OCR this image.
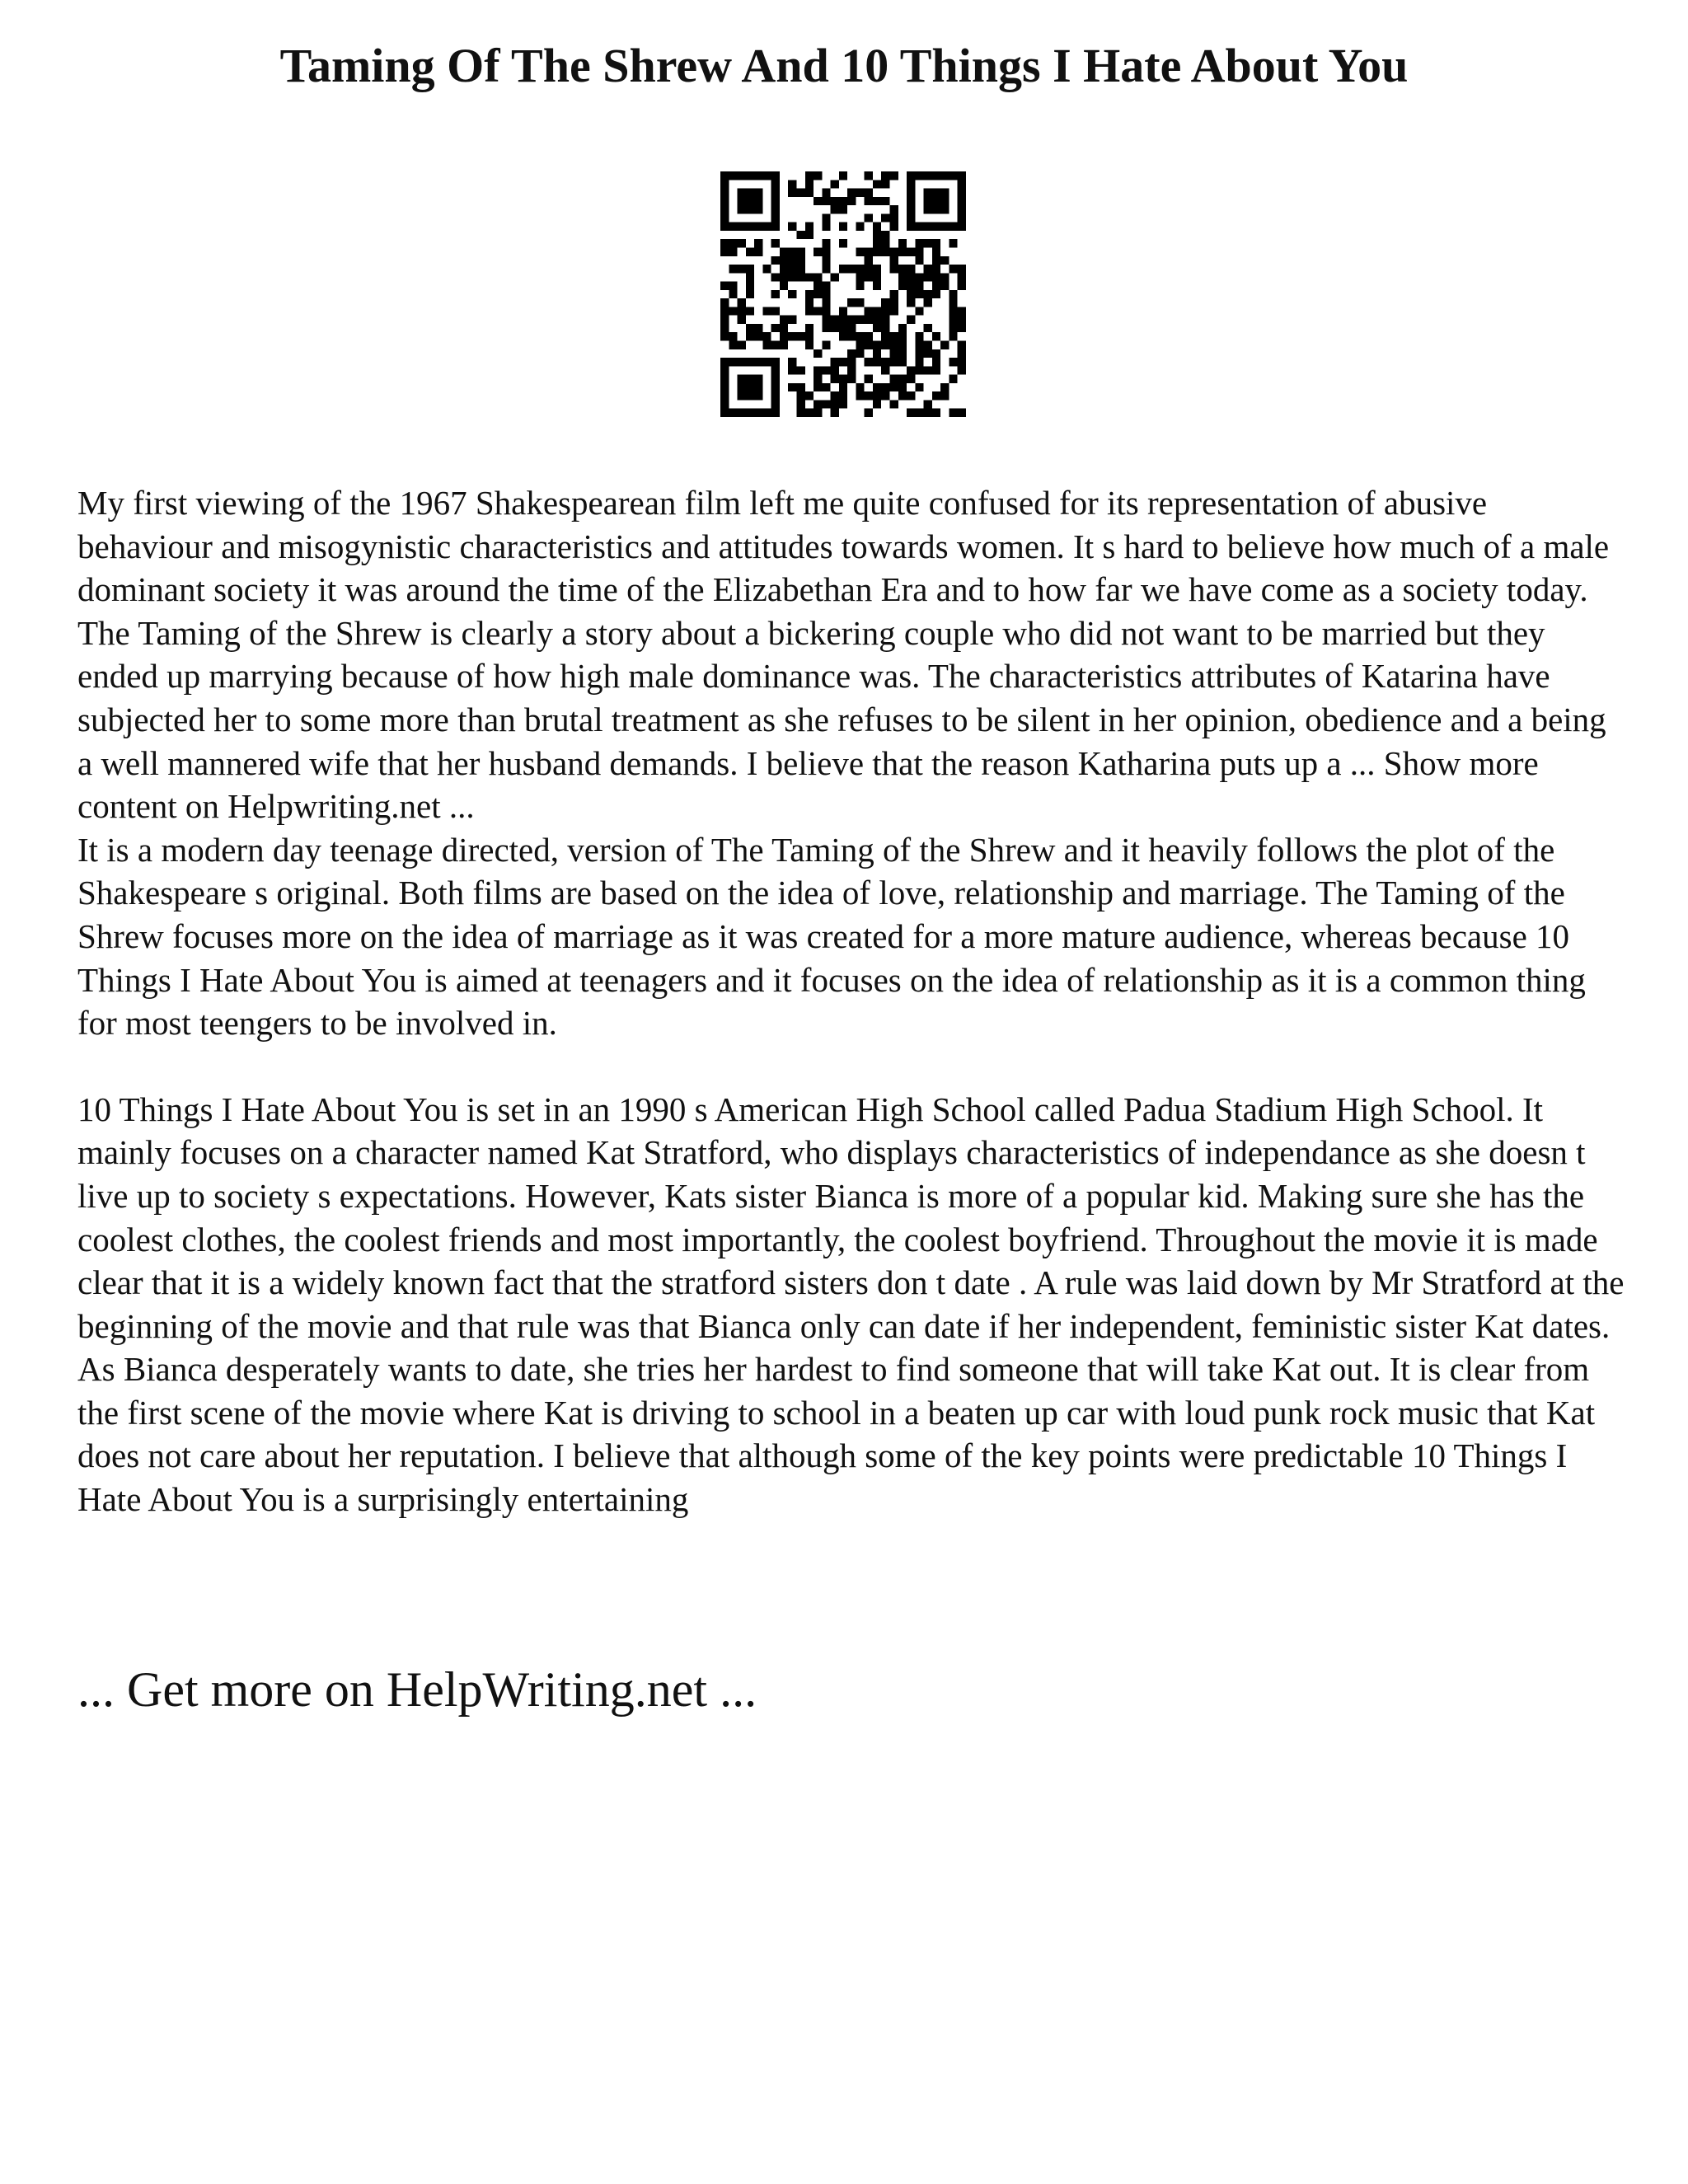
Taming Of The Shrew And 10 Things I Hate About You

My first viewing of the 1967 Shakespearean film left me quite confused for its representation of abusive behaviour and misogynistic characteristics and attitudes towards women. It s hard to believe how much of a male dominant society it was around the time of the Elizabethan Era and to how far we have come as a society today. The Taming of the Shrew is clearly a story about a bickering couple who did not want to be married but they ended up marrying because of how high male dominance was. The characteristics attributes of Katarina have subjected her to some more than brutal treatment as she refuses to be silent in her opinion, obedience and a being a well mannered wife that her husband demands. I believe that the reason Katharina puts up a ... Show more content on Helpwriting.net ...

It is a modern day teenage directed, version of The Taming of the Shrew and it heavily follows the plot of the Shakespeare s original. Both films are based on the idea of love, relationship and marriage. The Taming of the Shrew focuses more on the idea of marriage as it was created for a more mature audience, whereas because 10 Things I Hate About You is aimed at teenagers and it focuses on the idea of relationship as it is a common thing for most teengers to be involved in.

10 Things I Hate About You is set in an 1990 s American High School called Padua Stadium High School. It mainly focuses on a character named Kat Stratford, who displays characteristics of independance as she doesn t live up to society s expectations. However, Kats sister Bianca is more of a popular kid. Making sure she has the coolest clothes, the coolest friends and most importantly, the coolest boyfriend. Throughout the movie it is made clear that it is a widely known fact that the stratford sisters don t date . A rule was laid down by Mr Stratford at the beginning of the movie and that rule was that Bianca only can date if her independent, feministic sister Kat dates. As Bianca desperately wants to date, she tries her hardest to find someone that will take Kat out. It is clear from the first scene of the movie where Kat is driving to school in a beaten up car with loud punk rock music that Kat does not care about her reputation. I believe that although some of the key points were predictable 10 Things I Hate About You is a surprisingly entertaining

... Get more on HelpWriting.net ...
